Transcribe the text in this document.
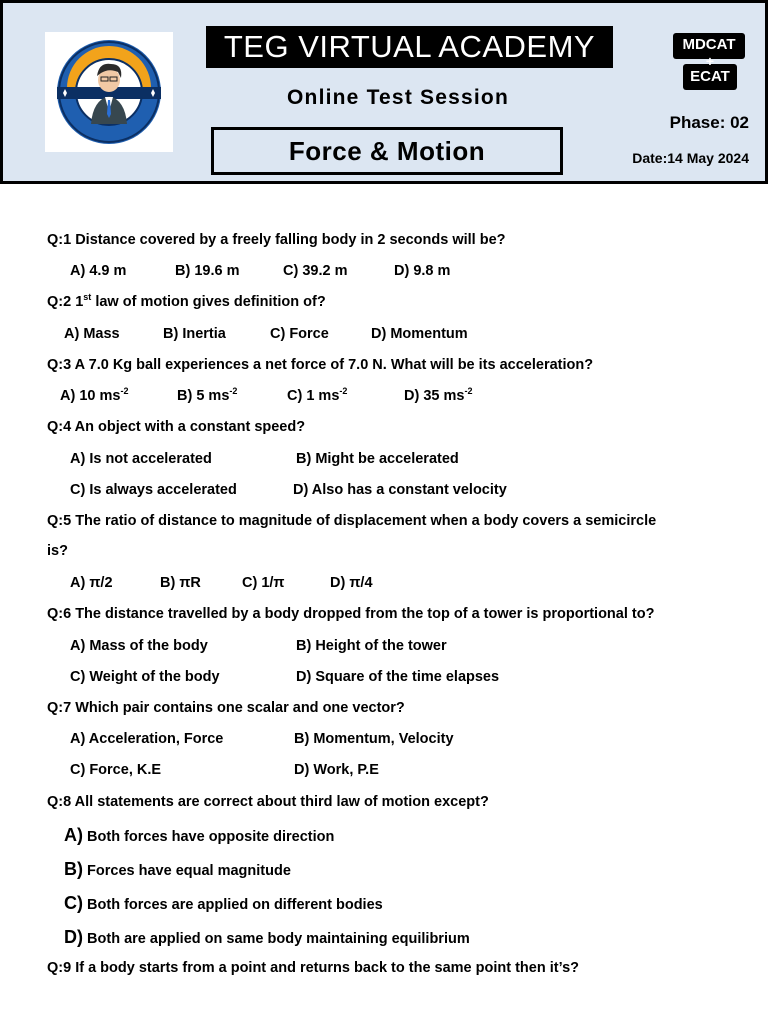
TEG VIRTUAL ACADEMY
Online Test Session
Force & Motion
MDCAT
ECAT
+
Phase: 02
Date:14 May 2024
Q:1 Distance covered by a freely falling body in 2 seconds will be?
A) 4.9 m	B) 19.6 m	C) 39.2 m	D) 9.8 m
Q:2 1st law of motion gives definition of?
A) Mass	B) Inertia	C) Force	D) Momentum
Q:3 A 7.0 Kg ball experiences a net force of 7.0 N. What will be its acceleration?
A) 10 $ms^{-2}$	B) 5 $ms^{-2}$	C) 1 $ms^{-2}$	D) 35 $ms^{-2}$
Q:4 An object with a constant speed?
A) Is not accelerated	B) Might be accelerated
C) Is always accelerated	D) Also has a constant velocity
Q:5 The ratio of distance to magnitude of displacement when a body covers a semicircle
is?
A) π/2	B) πR	C) 1/π	D) π/4
Q:6 The distance travelled by a body dropped from the top of a tower is proportional to?
A) Mass of the body	B) Height of the tower
C) Weight of the body	D) Square of the time elapses
Q:7 Which pair contains one scalar and one vector?
A) Acceleration, Force	B) Momentum, Velocity
C) Force, K.E	D) Work, P.E
Q:8 All statements are correct about third law of motion except?
A) Both forces have opposite direction
B) Forces have equal magnitude
C) Both forces are applied on different bodies
D) Both are applied on same body maintaining equilibrium
Q:9 If a body starts from a point and returns back to the same point then it’s?
